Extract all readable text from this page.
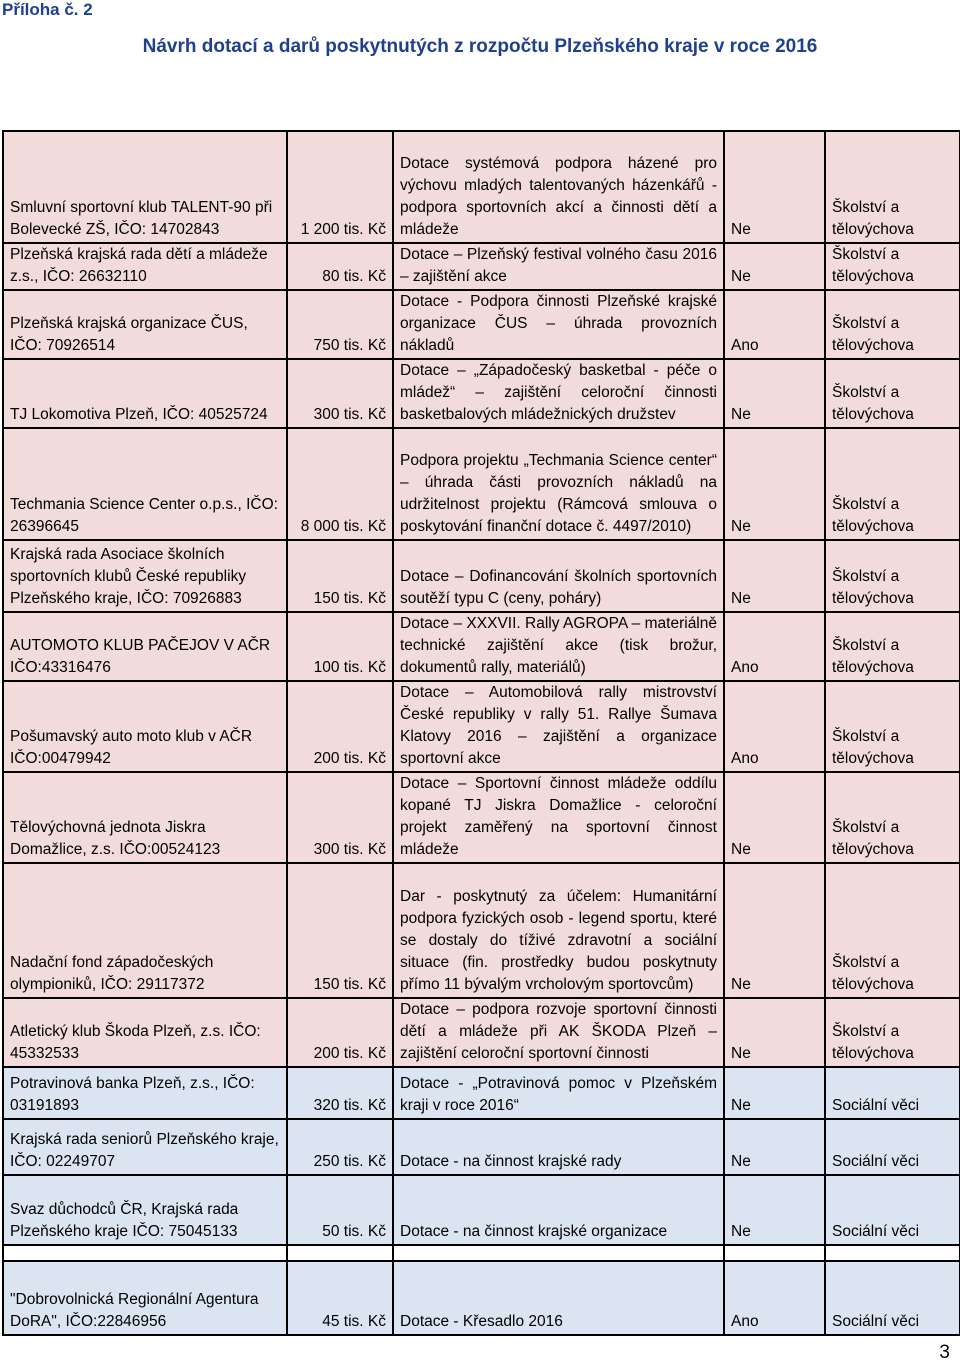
Příloha č. 2
Návrh dotací a darů poskytnutých z rozpočtu Plzeňského kraje v roce 2016
Smluvní sportovní klub TALENT-90 při Bolevecké ZŠ, IČO: 14702843	1 200 tis. Kč	Dotace systémová podpora házené pro výchovu mladých talentovaných házenkářů - podpora sportovních akcí a činnosti dětí a mládeže	Ne	Školství a tělovýchova
Plzeňská krajská rada dětí a mládeže z.s., IČO: 26632110	80 tis. Kč	Dotace – Plzeňský festival volného času 2016 – zajištění akce	Ne	Školství a tělovýchova
Plzeňská krajská organizace ČUS, IČO: 70926514	750 tis. Kč	Dotace - Podpora činnosti Plzeňské krajské organizace ČUS – úhrada provozních nákladů	Ano	Školství a tělovýchova
TJ Lokomotiva Plzeň, IČO: 40525724	300 tis. Kč	Dotace – „Západočeský basketbal - péče o mládež“ – zajištění celoroční činnosti basketbalových mládežnických družstev	Ne	Školství a tělovýchova
Techmania Science Center o.p.s., IČO: 26396645	8 000 tis. Kč	Podpora projektu „Techmania Science center“ – úhrada části provozních nákladů na udržitelnost projektu (Rámcová smlouva o poskytování finanční dotace č. 4497/2010)	Ne	Školství a tělovýchova
Krajská rada Asociace školních sportovních klubů České republiky Plzeňského kraje, IČO: 70926883	150 tis. Kč	Dotace – Dofinancování školních sportovních soutěží typu C (ceny, poháry)	Ne	Školství a tělovýchova
AUTOMOTO KLUB PAČEJOV V AČR IČO:43316476	100 tis. Kč	Dotace – XXXVII. Rally AGROPA – materiálně technické zajištění akce (tisk brožur, dokumentů rally, materiálů)	Ano	Školství a tělovýchova
Pošumavský auto moto klub v AČR IČO:00479942	200 tis. Kč	Dotace – Automobilová rally mistrovství České republiky v rally 51. Rallye Šumava Klatovy 2016 – zajištění a organizace sportovní akce	Ano	Školství a tělovýchova
Tělovýchovná jednota Jiskra Domažlice, z.s. IČO:00524123	300 tis. Kč	Dotace – Sportovní činnost mládeže oddílu kopané TJ Jiskra Domažlice - celoroční projekt zaměřený na sportovní činnost mládeže	Ne	Školství a tělovýchova
Nadační fond západočeských olympioniků, IČO: 29117372	150 tis. Kč	Dar - poskytnutý za účelem: Humanitární podpora fyzických osob - legend sportu, které se dostaly do tíživé zdravotní a sociální situace (fin. prostředky budou poskytnuty přímo 11 bývalým vrcholovým sportovcům)	Ne	Školství a tělovýchova
Atletický klub Škoda Plzeň, z.s. IČO: 45332533	200 tis. Kč	Dotace – podpora rozvoje sportovní činnosti dětí a mládeže při AK ŠKODA Plzeň – zajištění celoroční sportovní činnosti	Ne	Školství a tělovýchova
Potravinová banka Plzeň, z.s., IČO: 03191893	320 tis. Kč	Dotace - „Potravinová pomoc v Plzeňském kraji v roce 2016“	Ne	Sociální věci
Krajská rada seniorů Plzeňského kraje, IČO: 02249707	250 tis. Kč	Dotace - na činnost krajské rady	Ne	Sociální věci
Svaz důchodců ČR, Krajská rada Plzeňského kraje IČO: 75045133	50 tis. Kč	Dotace - na činnost krajské organizace	Ne	Sociální věci

"Dobrovolnická Regionální Agentura DoRA", IČO:22846956	45 tis. Kč	Dotace - Křesadlo 2016	Ano	Sociální věci
3
